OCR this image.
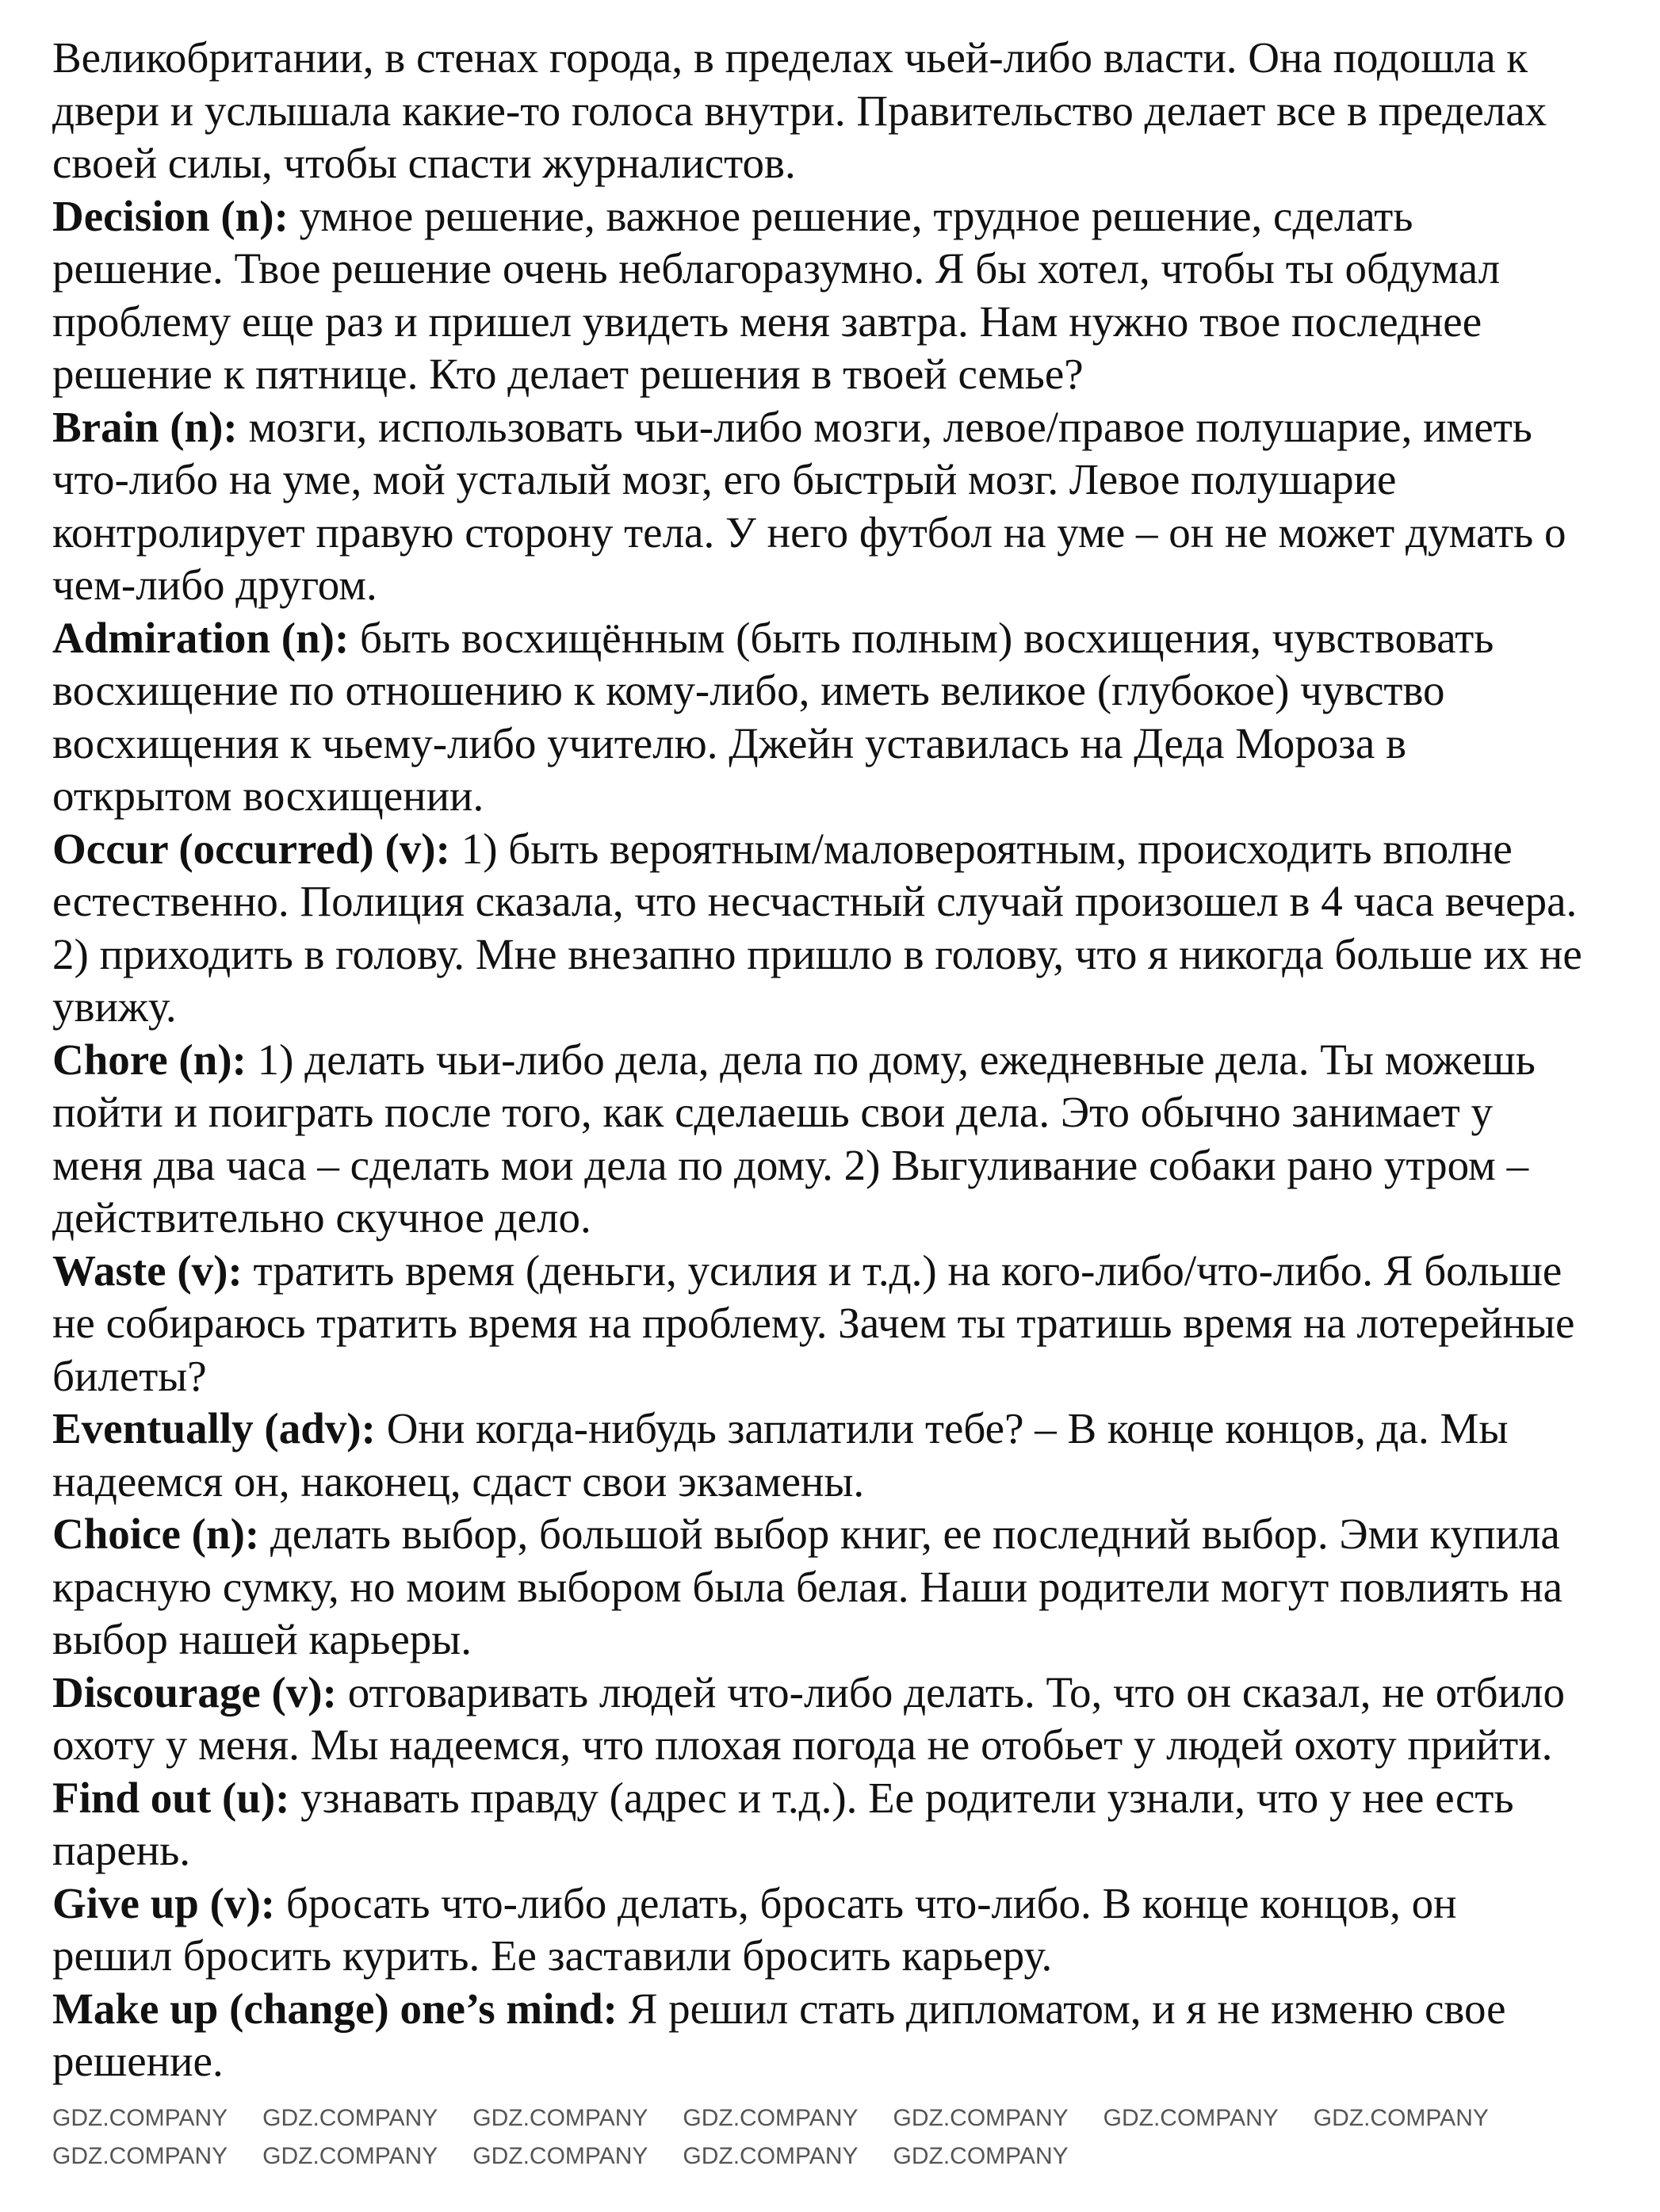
Великобритании, в стенах города, в пределах чьей-либо власти. Она подошла к двери и услышала какие-то голоса внутри. Правительство делает все в пределах своей силы, чтобы спасти журналистов.

Decision (n): умное решение, важное решение, трудное решение, сделать решение. Твое решение очень неблагоразумно. Я бы хотел, чтобы ты обдумал проблему еще раз и пришел увидеть меня завтра. Нам нужно твое последнее решение к пятнице. Кто делает решения в твоей семье?

Brain (n): мозги, использовать чьи-либо мозги, левое/правое полушарие, иметь что-либо на уме, мой усталый мозг, его быстрый мозг. Левое полушарие контролирует правую сторону тела. У него футбол на уме – он не может думать о чем-либо другом.

Admiration (n): быть восхищённым (быть полным) восхищения, чувствовать восхищение по отношению к кому-либо, иметь великое (глубокое) чувство восхищения к чьему-либо учителю. Джейн уставилась на Деда Мороза в открытом восхищении.

Occur (occurred) (v): 1) быть вероятным/маловероятным, происходить вполне естественно. Полиция сказала, что несчастный случай произошел в 4 часа вечера. 2) приходить в голову. Мне внезапно пришло в голову, что я никогда больше их не увижу.

Chore (n): 1) делать чьи-либо дела, дела по дому, ежедневные дела. Ты можешь пойти и поиграть после того, как сделаешь свои дела. Это обычно занимает у меня два часа – сделать мои дела по дому. 2) Выгуливание собаки рано утром – действительно скучное дело.

Waste (v): тратить время (деньги, усилия и т.д.) на кого-либо/что-либо. Я больше не собираюсь тратить время на проблему. Зачем ты тратишь время на лотерейные билеты?

Eventually (adv): Они когда-нибудь заплатили тебе? – В конце концов, да. Мы надеемся он, наконец, сдаст свои экзамены.

Choice (n): делать выбор, большой выбор книг, ее последний выбор. Эми купила красную сумку, но моим выбором была белая. Наши родители могут повлиять на выбор нашей карьеры.

Discourage (v): отговаривать людей что-либо делать. То, что он сказал, не отбило охоту у меня. Мы надеемся, что плохая погода не отобьет у людей охоту прийти.

Find out (u): узнавать правду (адрес и т.д.). Ее родители узнали, что у нее есть парень.

Give up (v): бросать что-либо делать, бросать что-либо. В конце концов, он решил бросить курить. Ее заставили бросить карьеру.

Make up (change) one’s mind: Я решил стать дипломатом, и я не изменю свое решение.

GDZ.COMPANY GDZ.COMPANY GDZ.COMPANY GDZ.COMPANY GDZ.COMPANY GDZ.COMPANY GDZ.COMPANY
GDZ.COMPANY GDZ.COMPANY GDZ.COMPANY GDZ.COMPANY GDZ.COMPANY
